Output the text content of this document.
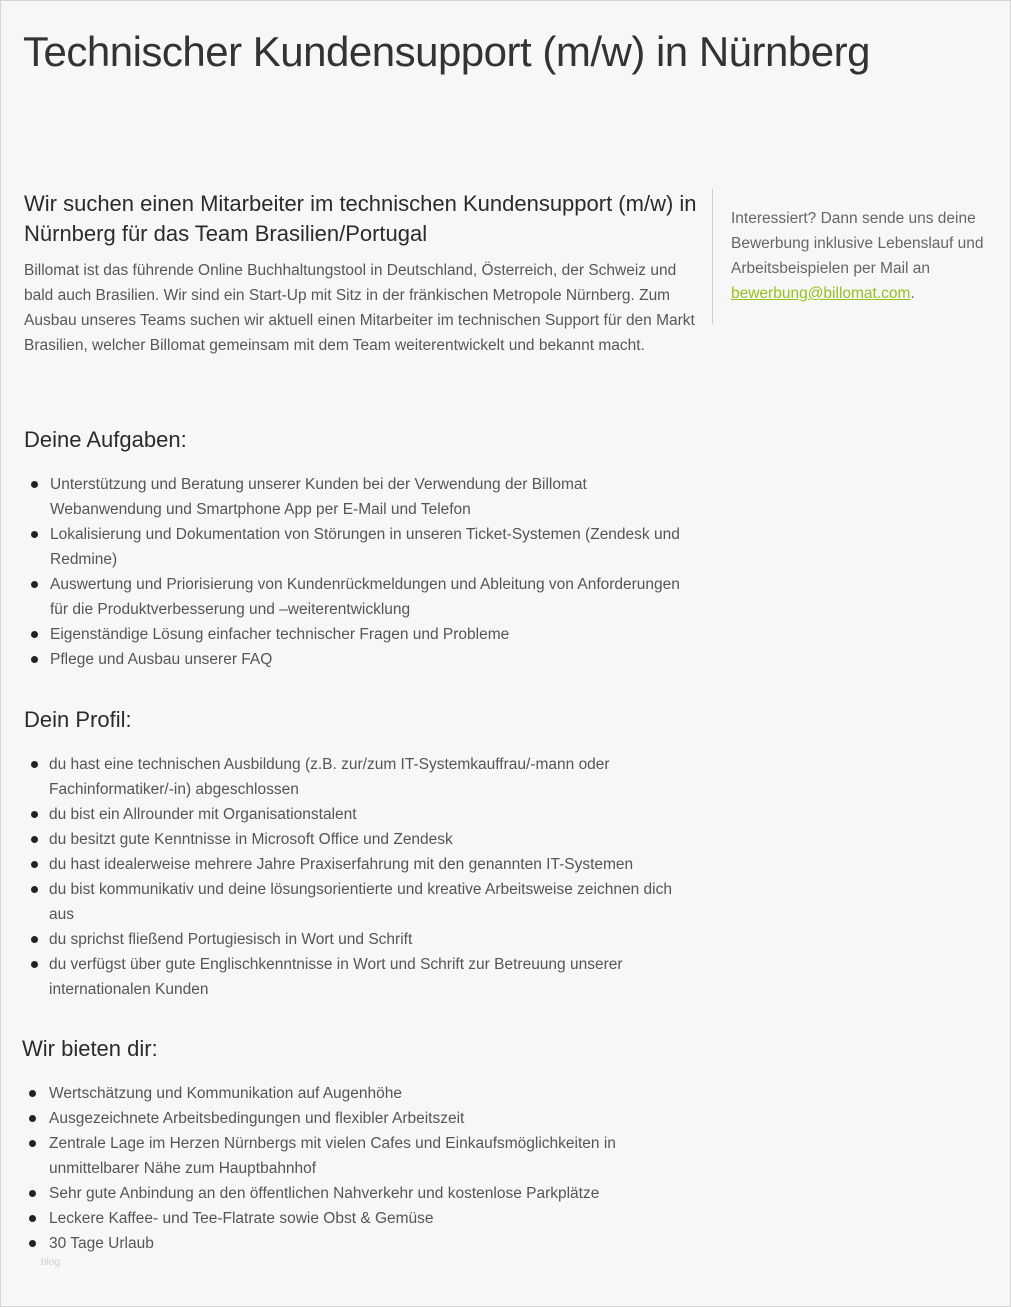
Technischer Kundensupport (m/w) in Nürnberg
Wir suchen einen Mitarbeiter im technischen Kundensupport (m/w) in Nürnberg für das Team Brasilien/Portugal

Billomat ist das führende Online Buchhaltungstool in Deutschland, Österreich, der Schweiz und bald auch Brasilien. Wir sind ein Start-Up mit Sitz in der fränkischen Metropole Nürnberg. Zum Ausbau unseres Teams suchen wir aktuell einen Mitarbeiter im technischen Support für den Markt Brasilien, welcher Billomat gemeinsam mit dem Team weiterentwickelt und bekannt macht.

Interessiert? Dann sende uns deine Bewerbung inklusive Lebenslauf und Arbeitsbeispielen per Mail an bewerbung@billomat.com.
Deine Aufgaben:
Unterstützung und Beratung unserer Kunden bei der Verwendung der Billomat Webanwendung und Smartphone App per E-Mail und Telefon
Lokalisierung und Dokumentation von Störungen in unseren Ticket-Systemen (Zendesk und Redmine)
Auswertung und Priorisierung von Kundenrückmeldungen und Ableitung von Anforderungen für die Produktverbesserung und –weiterentwicklung
Eigenständige Lösung einfacher technischer Fragen und Probleme
Pflege und Ausbau unserer FAQ
Dein Profil:
du hast eine technischen Ausbildung (z.B. zur/zum IT-Systemkauffrau/-mann oder Fachinformatiker/-in) abgeschlossen
du bist ein Allrounder mit Organisationstalent
du besitzt gute Kenntnisse in Microsoft Office und Zendesk
du hast idealerweise mehrere Jahre Praxiserfahrung mit den genannten IT-Systemen
du bist kommunikativ und deine lösungsorientierte und kreative Arbeitsweise zeichnen dich aus
du sprichst fließend Portugiesisch in Wort und Schrift
du verfügst über gute Englischkenntnisse in Wort und Schrift zur Betreuung unserer internationalen Kunden
Wir bieten dir:
Wertschätzung und Kommunikation auf Augenhöhe
Ausgezeichnete Arbeitsbedingungen und flexibler Arbeitszeit
Zentrale Lage im Herzen Nürnbergs mit vielen Cafes und Einkaufsmöglichkeiten in unmittelbarer Nähe zum Hauptbahnhof
Sehr gute Anbindung an den öffentlichen Nahverkehr und kostenlose Parkplätze
Leckere Kaffee- und Tee-Flatrate sowie Obst & Gemüse
30 Tage Urlaub
blog
